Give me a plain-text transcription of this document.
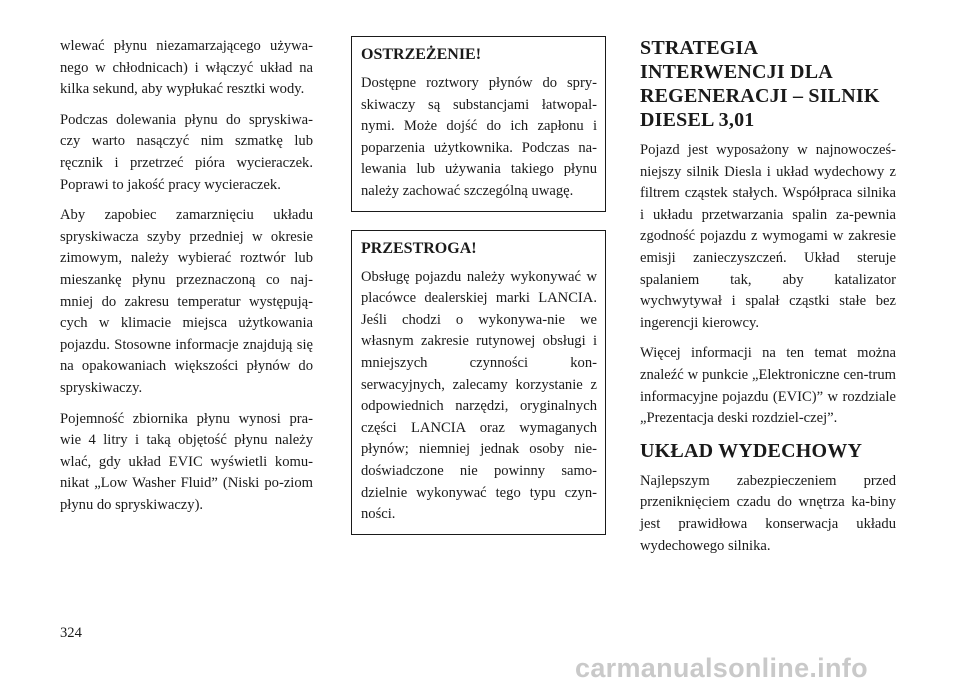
wlewać płynu niezamarzającego używa-nego w chłodnicach) i włączyć układ na kilka sekund, aby wypłukać resztki wody.

Podczas dolewania płynu do spryskiwa-czy warto nasączyć nim szmatkę lub ręcznik i przetrzeć pióra wycieraczek. Poprawi to jakość pracy wycieraczek.

Aby zapobiec zamarznięciu układu spryskiwacza szyby przedniej w okresie zimowym, należy wybierać roztwór lub mieszankę płynu przeznaczoną co naj-mniej do zakresu temperatur występują-cych w klimacie miejsca użytkowania pojazdu. Stosowne informacje znajdują się na opakowaniach większości płynów do spryskiwaczy.

Pojemność zbiornika płynu wynosi pra-wie 4 litry i taką objętość płynu należy wlać, gdy układ EVIC wyświetli komu-nikat „Low Washer Fluid” (Niski po-ziom płynu do spryskiwaczy).

OSTRZEŻENIE!

Dostępne roztwory płynów do spry-skiwaczy są substancjami łatwopal-nymi. Może dojść do ich zapłonu i poparzenia użytkownika. Podczas na-lewania lub używania takiego płynu należy zachować szczególną uwagę.

PRZESTROGA!

Obsługę pojazdu należy wykonywać w placówce dealerskiej marki LANCIA. Jeśli chodzi o wykonywa-nie we własnym zakresie rutynowej obsługi i mniejszych czynności kon-serwacyjnych, zalecamy korzystanie z odpowiednich narzędzi, oryginalnych części LANCIA oraz wymaganych płynów; niemniej jednak osoby nie-doświadczone nie powinny samo-dzielnie wykonywać tego typu czyn-ności.

STRATEGIA INTERWENCJI DLA REGENERACJI – SILNIK DIESEL 3,01

Pojazd jest wyposażony w najnowocześ-niejszy silnik Diesla i układ wydechowy z filtrem cząstek stałych. Współpraca silnika i układu przetwarzania spalin za-pewnia zgodność pojazdu z wymogami w zakresie emisji zanieczyszczeń. Układ steruje spalaniem tak, aby katalizator wychwytywał i spalał cząstki stałe bez ingerencji kierowcy.

Więcej informacji na ten temat można znaleźć w punkcie „Elektroniczne cen-trum informacyjne pojazdu (EVIC)” w rozdziale „Prezentacja deski rozdziel-czej”.

UKŁAD WYDECHOWY

Najlepszym zabezpieczeniem przed przeniknięciem czadu do wnętrza ka-biny jest prawidłowa konserwacja układu wydechowego silnika.

324
carmanualsonline.info
